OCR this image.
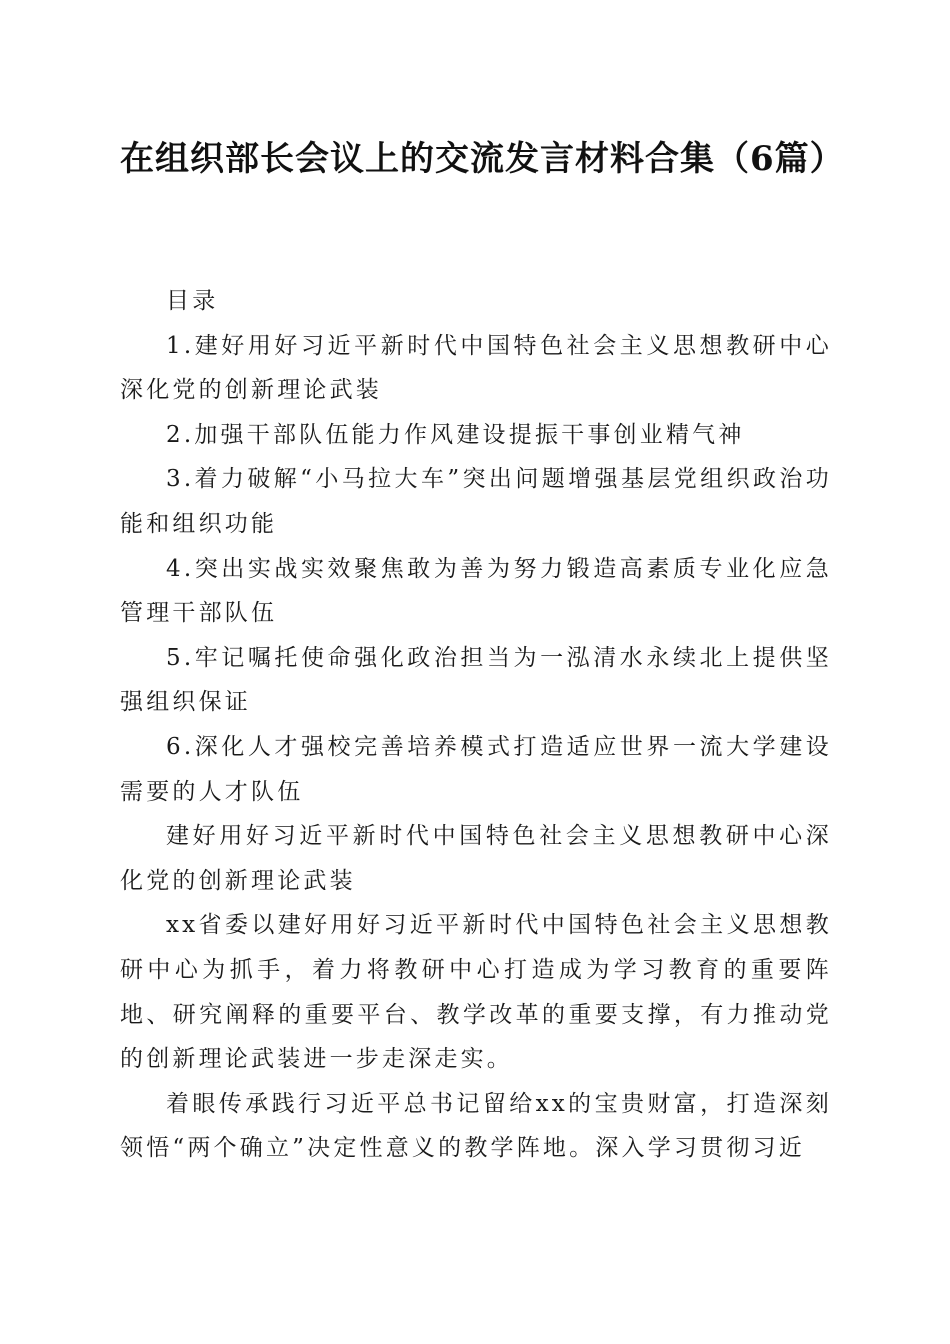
在组织部长会议上的交流发言材料合集（6篇）

目录

1.建好用好习近平新时代中国特色社会主义思想教研中心深化党的创新理论武装

2.加强干部队伍能力作风建设提振干事创业精气神

3.着力破解“小马拉大车”突出问题增强基层党组织政治功能和组织功能

4.突出实战实效聚焦敢为善为努力锻造高素质专业化应急管理干部队伍

5.牢记嘱托使命强化政治担当为一泓清水永续北上提供坚强组织保证

6.深化人才强校完善培养模式打造适应世界一流大学建设需要的人才队伍

建好用好习近平新时代中国特色社会主义思想教研中心深化党的创新理论武装

xx省委以建好用好习近平新时代中国特色社会主义思想教研中心为抓手，着力将教研中心打造成为学习教育的重要阵地、研究阐释的重要平台、教学改革的重要支撑，有力推动党的创新理论武装进一步走深走实。

着眼传承践行习近平总书记留给xx的宝贵财富，打造深刻领悟“两个确立”决定性意义的教学阵地。深入学习贯彻习近
